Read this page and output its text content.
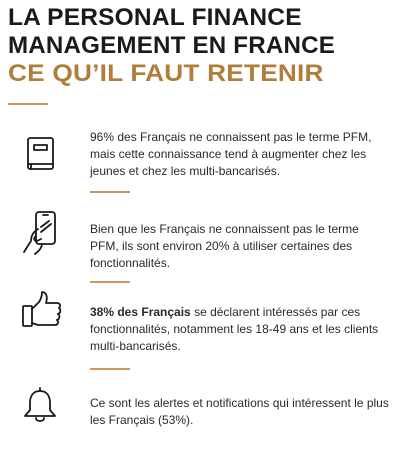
LA PERSONAL FINANCE
MANAGEMENT EN FRANCE
CE QU’IL FAUT RETENIR
96% des Français ne connaissent pas le terme PFM, mais cette connaissance tend à augmenter chez les jeunes et chez les multi-bancarisés.
Bien que les Français ne connaissent pas le terme PFM, ils sont environ 20% à utiliser certaines des fonctionnalités.
38% des Français se déclarent intéressés par ces fonctionnalités, notamment les 18-49 ans et les clients multi-bancarisés.
Ce sont les alertes et notifications qui intéressent le plus les Français (53%).
